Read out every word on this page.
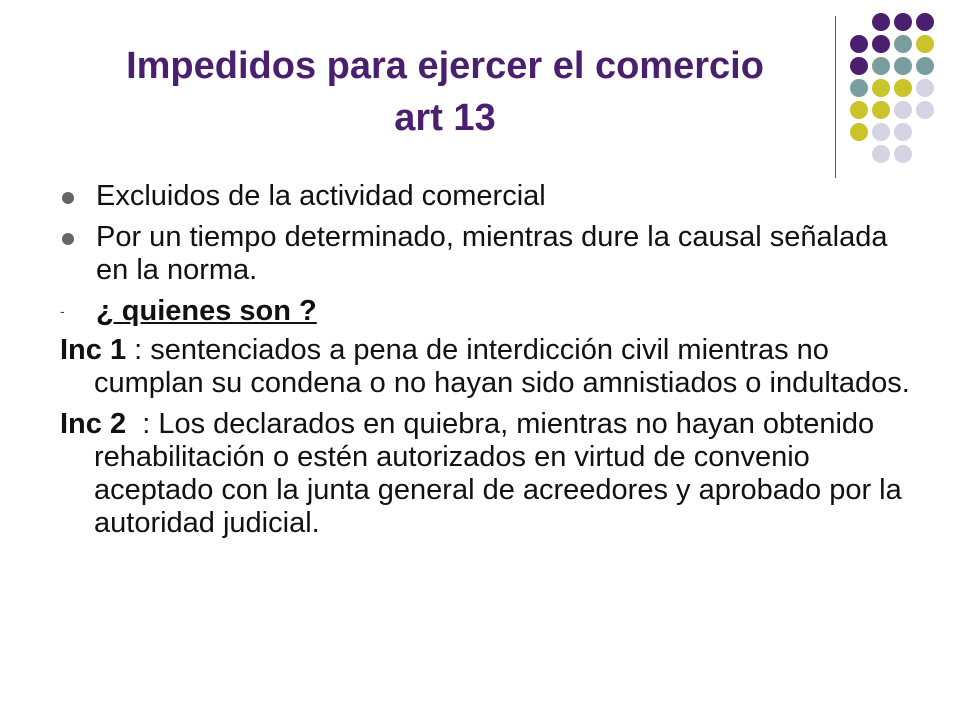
Impedidos para ejercer el comercio
art 13
Excluidos de la actividad comercial
Por un tiempo determinado, mientras dure la causal señalada en la norma.
- ¿ quienes son ?
Inc 1 : sentenciados a pena de interdicción civil mientras no cumplan su condena o no hayan sido amnistiados o indultados.
Inc 2  : Los declarados en quiebra, mientras no hayan obtenido rehabilitación o estén autorizados en virtud de convenio aceptado con la junta general de acreedores y aprobado por la autoridad judicial.
